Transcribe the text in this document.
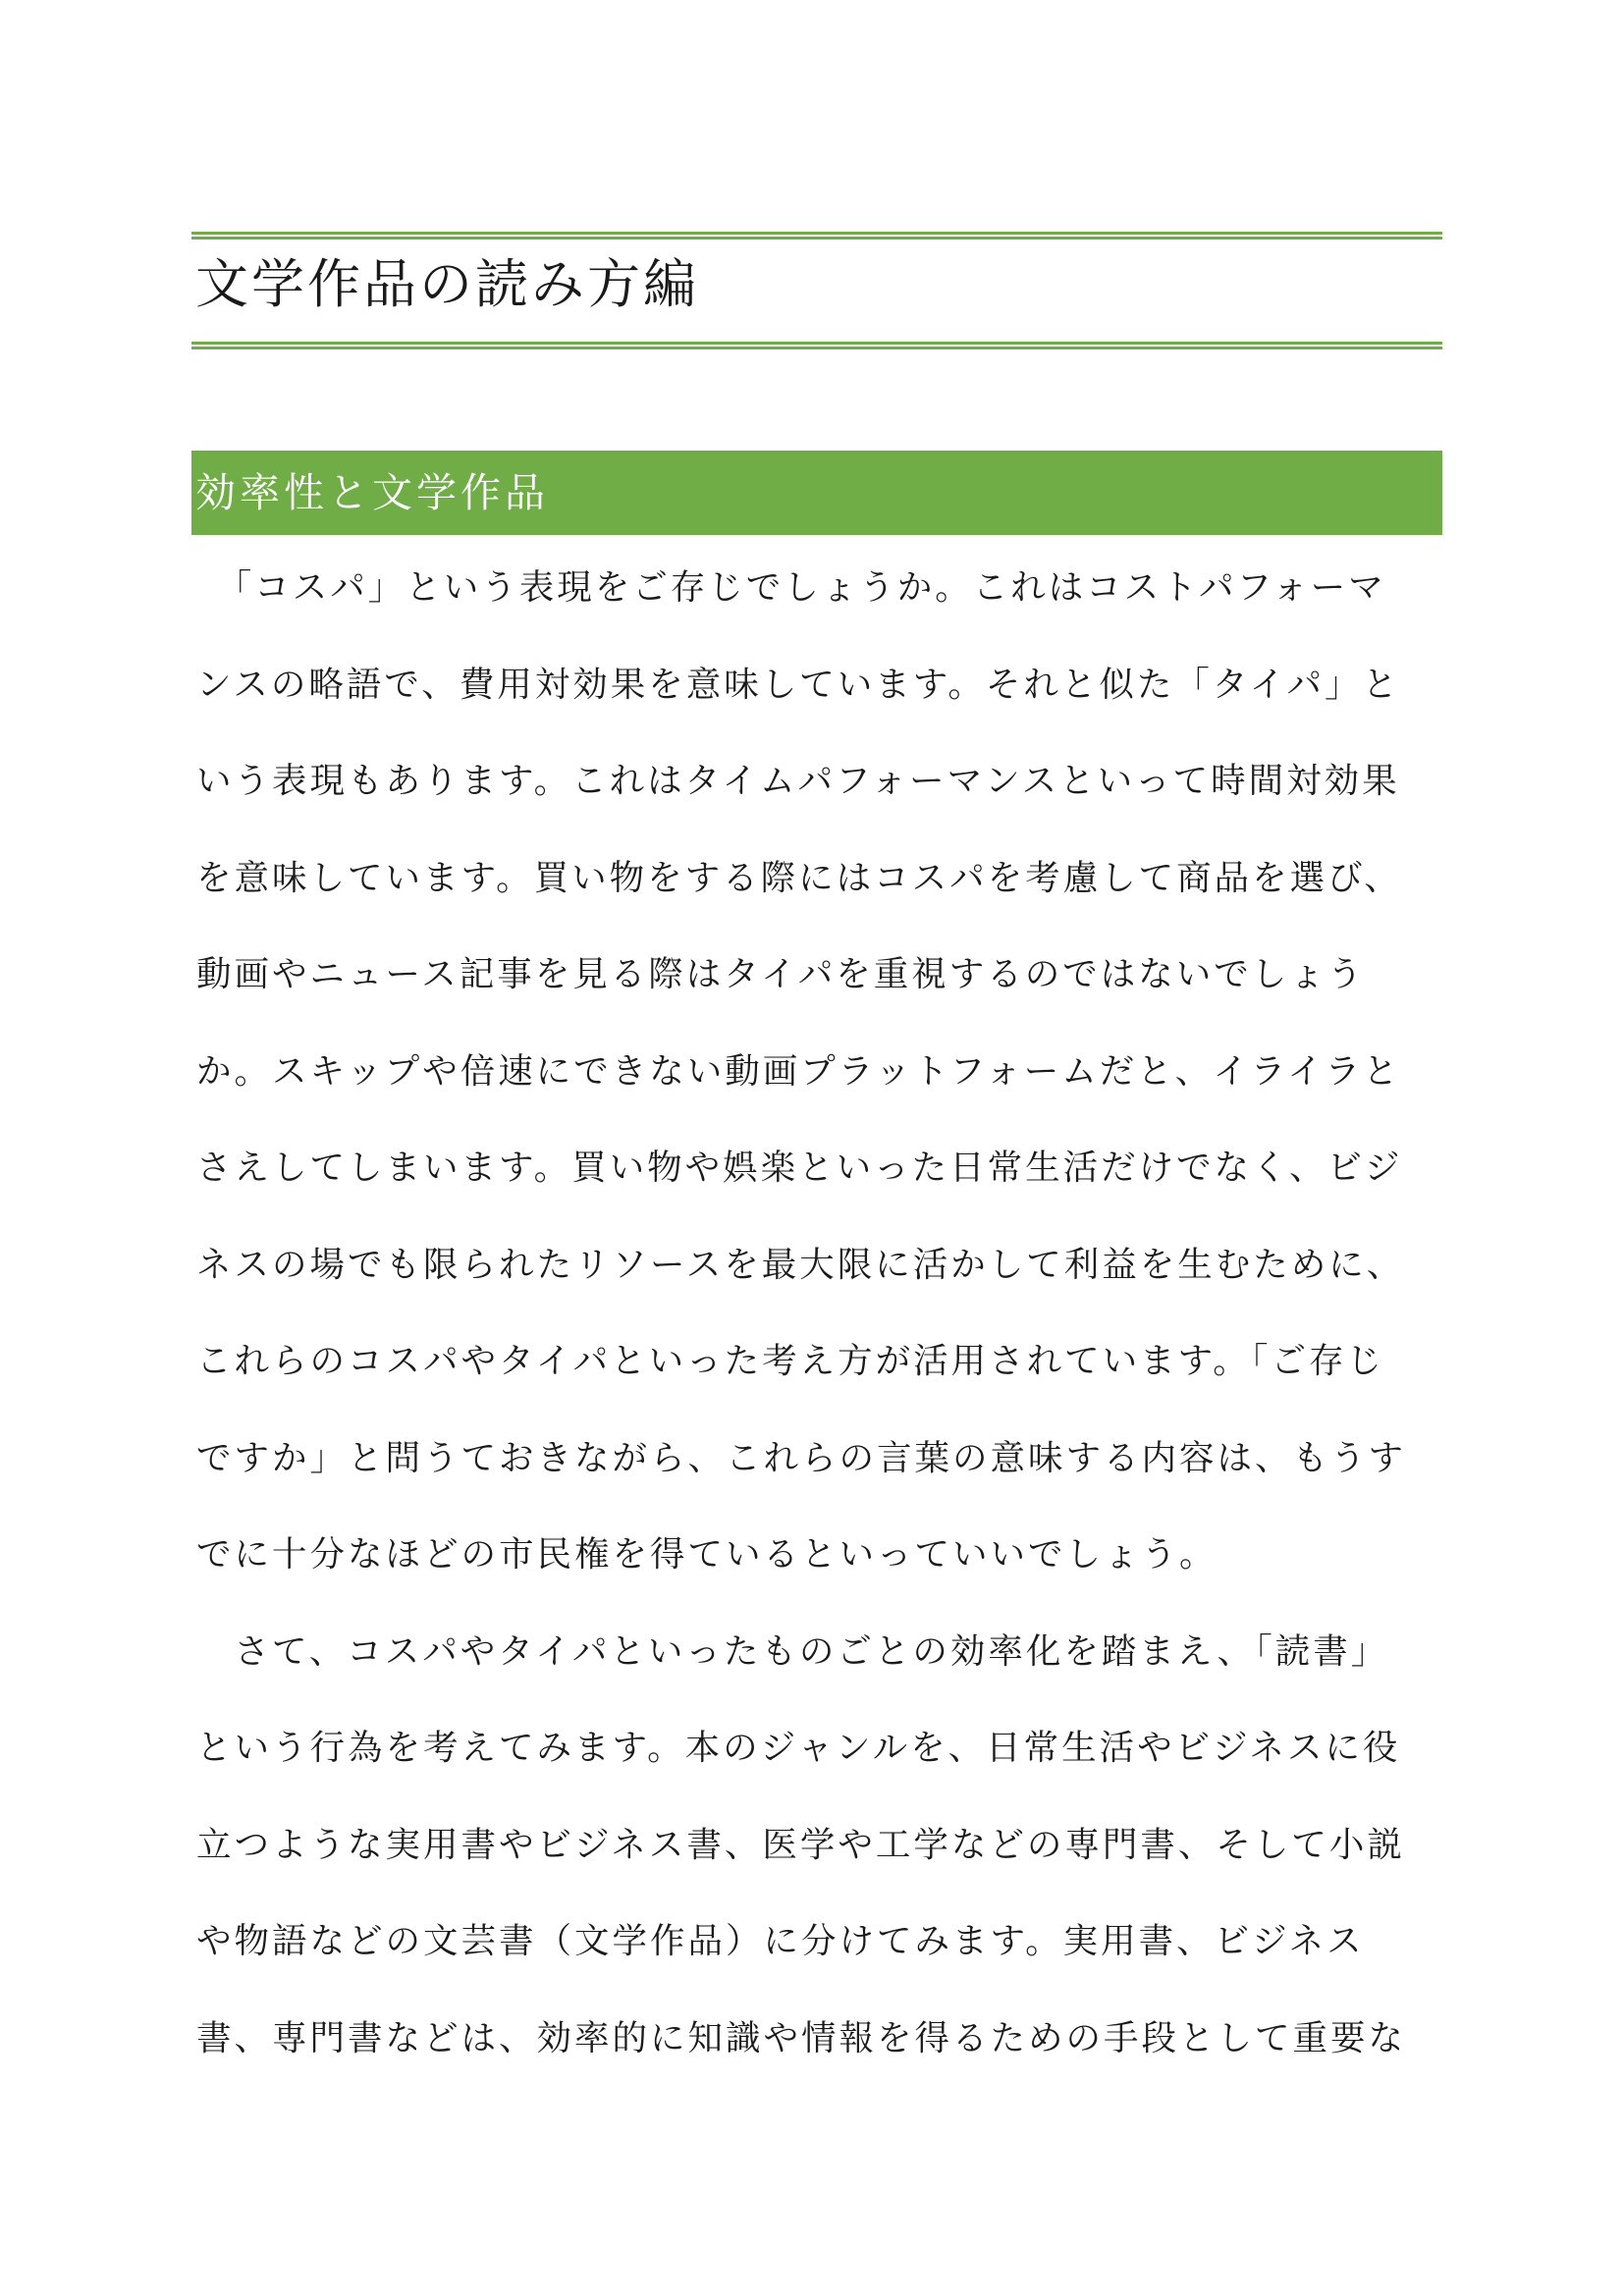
文学作品の読み方編
効率性と文学作品
　「コスパ」という表現をご存じでしょうか。これはコストパフォーマ
ンスの略語で、費用対効果を意味しています。それと似た「タイパ」と
いう表現もあります。これはタイムパフォーマンスといって時間対効果
を意味しています。買い物をする際にはコスパを考慮して商品を選び、
動画やニュース記事を見る際はタイパを重視するのではないでしょう
か。スキップや倍速にできない動画プラットフォームだと、イライラと
さえしてしまいます。買い物や娯楽といった日常生活だけでなく、ビジ
ネスの場でも限られたリソースを最大限に活かして利益を生むために、
これらのコスパやタイパといった考え方が活用されています。「ご存じ
ですか」と問うておきながら、これらの言葉の意味する内容は、もうす
でに十分なほどの市民権を得ているといっていいでしょう。
　さて、コスパやタイパといったものごとの効率化を踏まえ、「読書」
という行為を考えてみます。本のジャンルを、日常生活やビジネスに役
立つような実用書やビジネス書、医学や工学などの専門書、そして小説
や物語などの文芸書（文学作品）に分けてみます。実用書、ビジネス
書、専門書などは、効率的に知識や情報を得るための手段として重要な
